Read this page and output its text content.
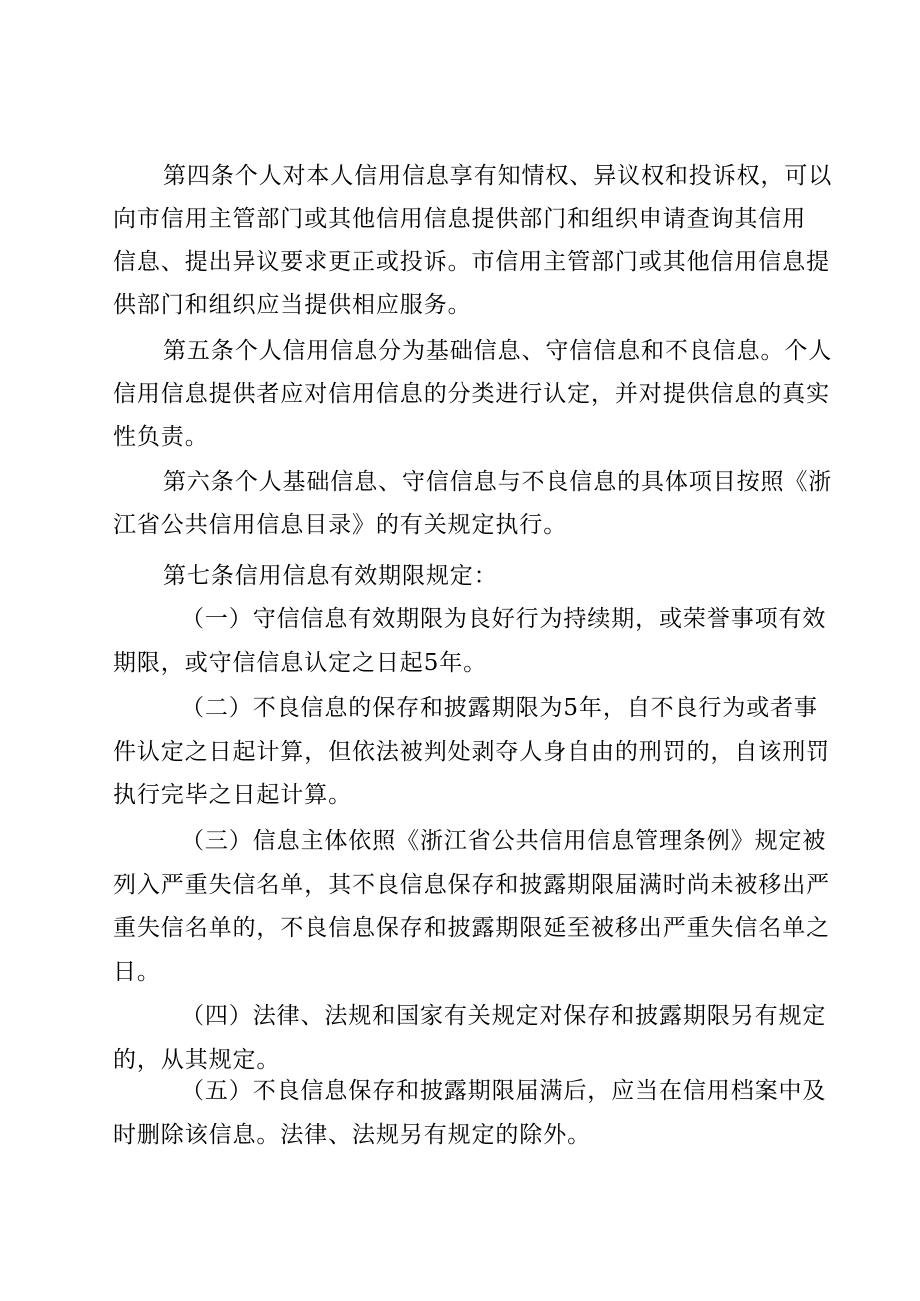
第四条个人对本人信用信息享有知情权、异议权和投诉权，可以
向市信用主管部门或其他信用信息提供部门和组织申请查询其信用
信息、提出异议要求更正或投诉。市信用主管部门或其他信用信息提
供部门和组织应当提供相应服务。

第五条个人信用信息分为基础信息、守信信息和不良信息。个人
信用信息提供者应对信用信息的分类进行认定，并对提供信息的真实
性负责。

第六条个人基础信息、守信信息与不良信息的具体项目按照《浙
江省公共信用信息目录》的有关规定执行。

第七条信用信息有效期限规定：

（一）守信信息有效期限为良好行为持续期，或荣誉事项有效
期限，或守信信息认定之日起5年。

（二）不良信息的保存和披露期限为5年，自不良行为或者事
件认定之日起计算，但依法被判处剥夺人身自由的刑罚的，自该刑罚
执行完毕之日起计算。

（三）信息主体依照《浙江省公共信用信息管理条例》规定被
列入严重失信名单，其不良信息保存和披露期限届满时尚未被移出严
重失信名单的，不良信息保存和披露期限延至被移出严重失信名单之
日。

（四）法律、法规和国家有关规定对保存和披露期限另有规定
的，从其规定。

（五）不良信息保存和披露期限届满后，应当在信用档案中及
时删除该信息。法律、法规另有规定的除外。
